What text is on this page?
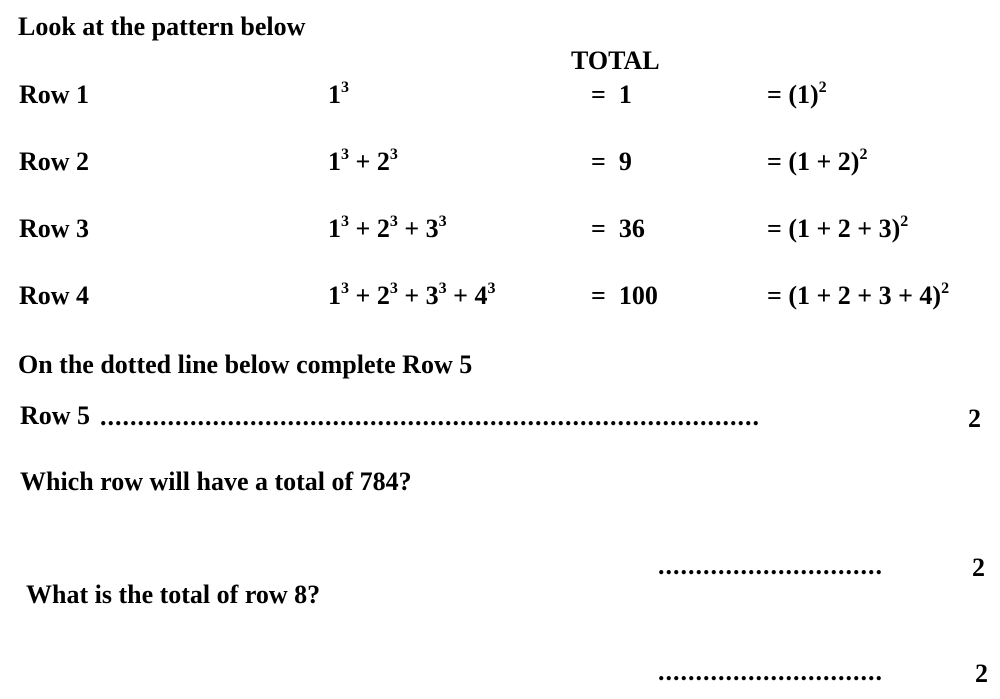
Look at the pattern below
TOTAL
Row 1	$1^3$	=  1	= $(1)^2$
Row 2	$1^3 + 2^3$	=  9	= $(1 + 2)^2$
Row 3	$1^3 + 2^3 + 3^3$	=  36	= $(1 + 2 + 3)^2$
Row 4	$1^3 + 2^3 + 3^3 + 4^3$	=  100	= $(1 + 2 + 3 + 4)^2$
On the dotted line below complete Row 5
Row 5 ........................................................................................	2
Which row will have a total of 784?
..............................	2
What is the total of row 8?
..............................	2
